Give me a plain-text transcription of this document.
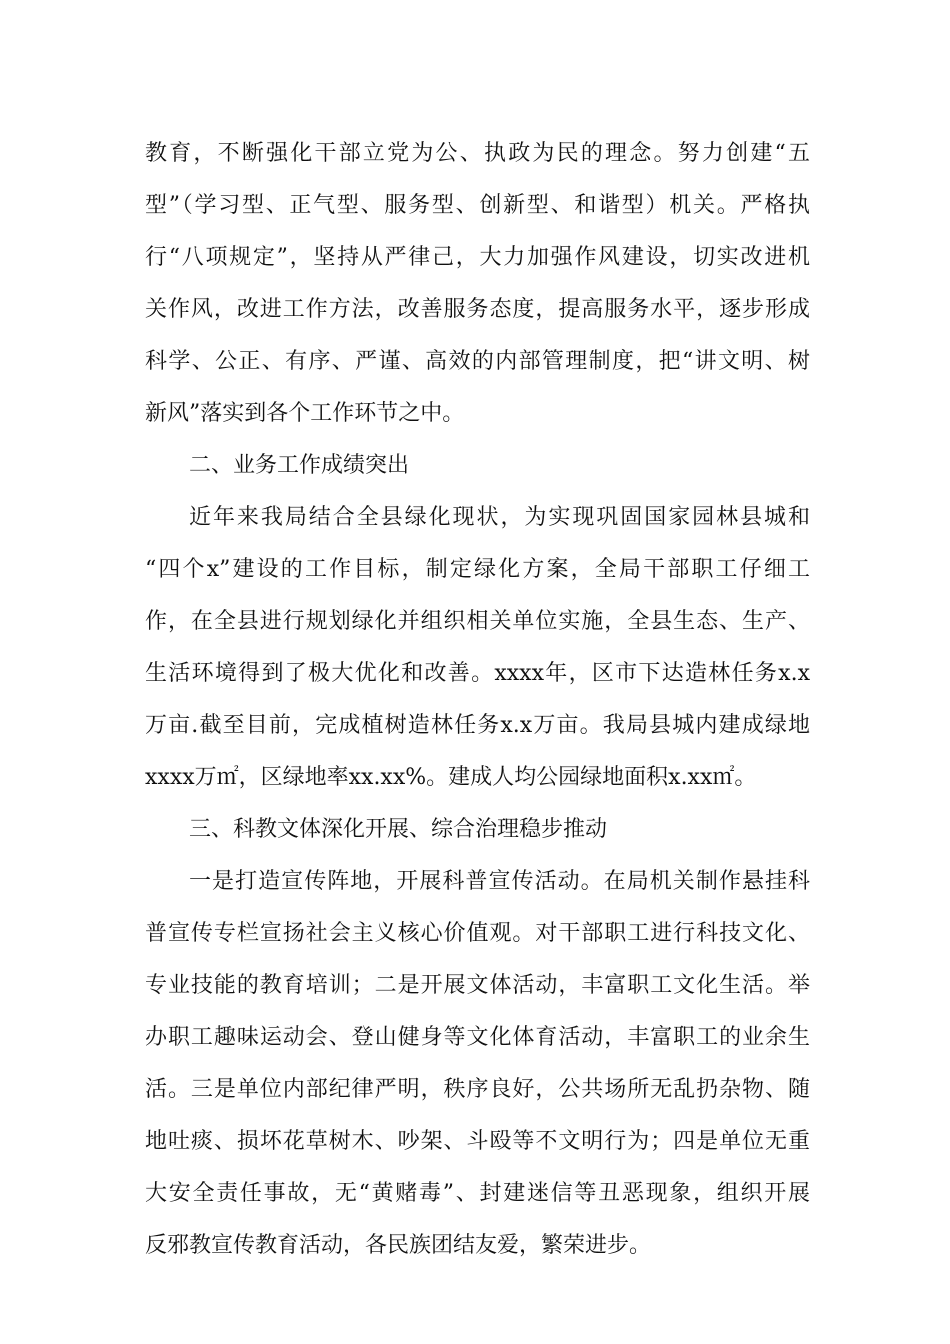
教育，不断强化干部立党为公、执政为民的理念。努力创建“五
型”（学习型、正气型、服务型、创新型、和谐型）机关。严格执
行“八项规定”，坚持从严律己，大力加强作风建设，切实改进机
关作风，改进工作方法，改善服务态度，提高服务水平，逐步形成
科学、公正、有序、严谨、高效的内部管理制度，把“讲文明、树
新风”落实到各个工作环节之中。
二、业务工作成绩突出
近年来我局结合全县绿化现状，为实现巩固国家园林县城和
“四个x”建设的工作目标，制定绿化方案，全局干部职工仔细工
作，在全县进行规划绿化并组织相关单位实施，全县生态、生产、
生活环境得到了极大优化和改善。xxxx年，区市下达造林任务x.x
万亩.截至目前，完成植树造林任务x.x万亩。我局县城内建成绿地
xxxx万㎡，区绿地率xx.xx%。建成人均公园绿地面积x.xx㎡。
三、科教文体深化开展、综合治理稳步推动
一是打造宣传阵地，开展科普宣传活动。在局机关制作悬挂科
普宣传专栏宣扬社会主义核心价值观。对干部职工进行科技文化、
专业技能的教育培训；二是开展文体活动，丰富职工文化生活。举
办职工趣味运动会、登山健身等文化体育活动，丰富职工的业余生
活。三是单位内部纪律严明，秩序良好，公共场所无乱扔杂物、随
地吐痰、损坏花草树木、吵架、斗殴等不文明行为；四是单位无重
大安全责任事故，无“黄赌毒”、封建迷信等丑恶现象，组织开展
反邪教宣传教育活动，各民族团结友爱，繁荣进步。
